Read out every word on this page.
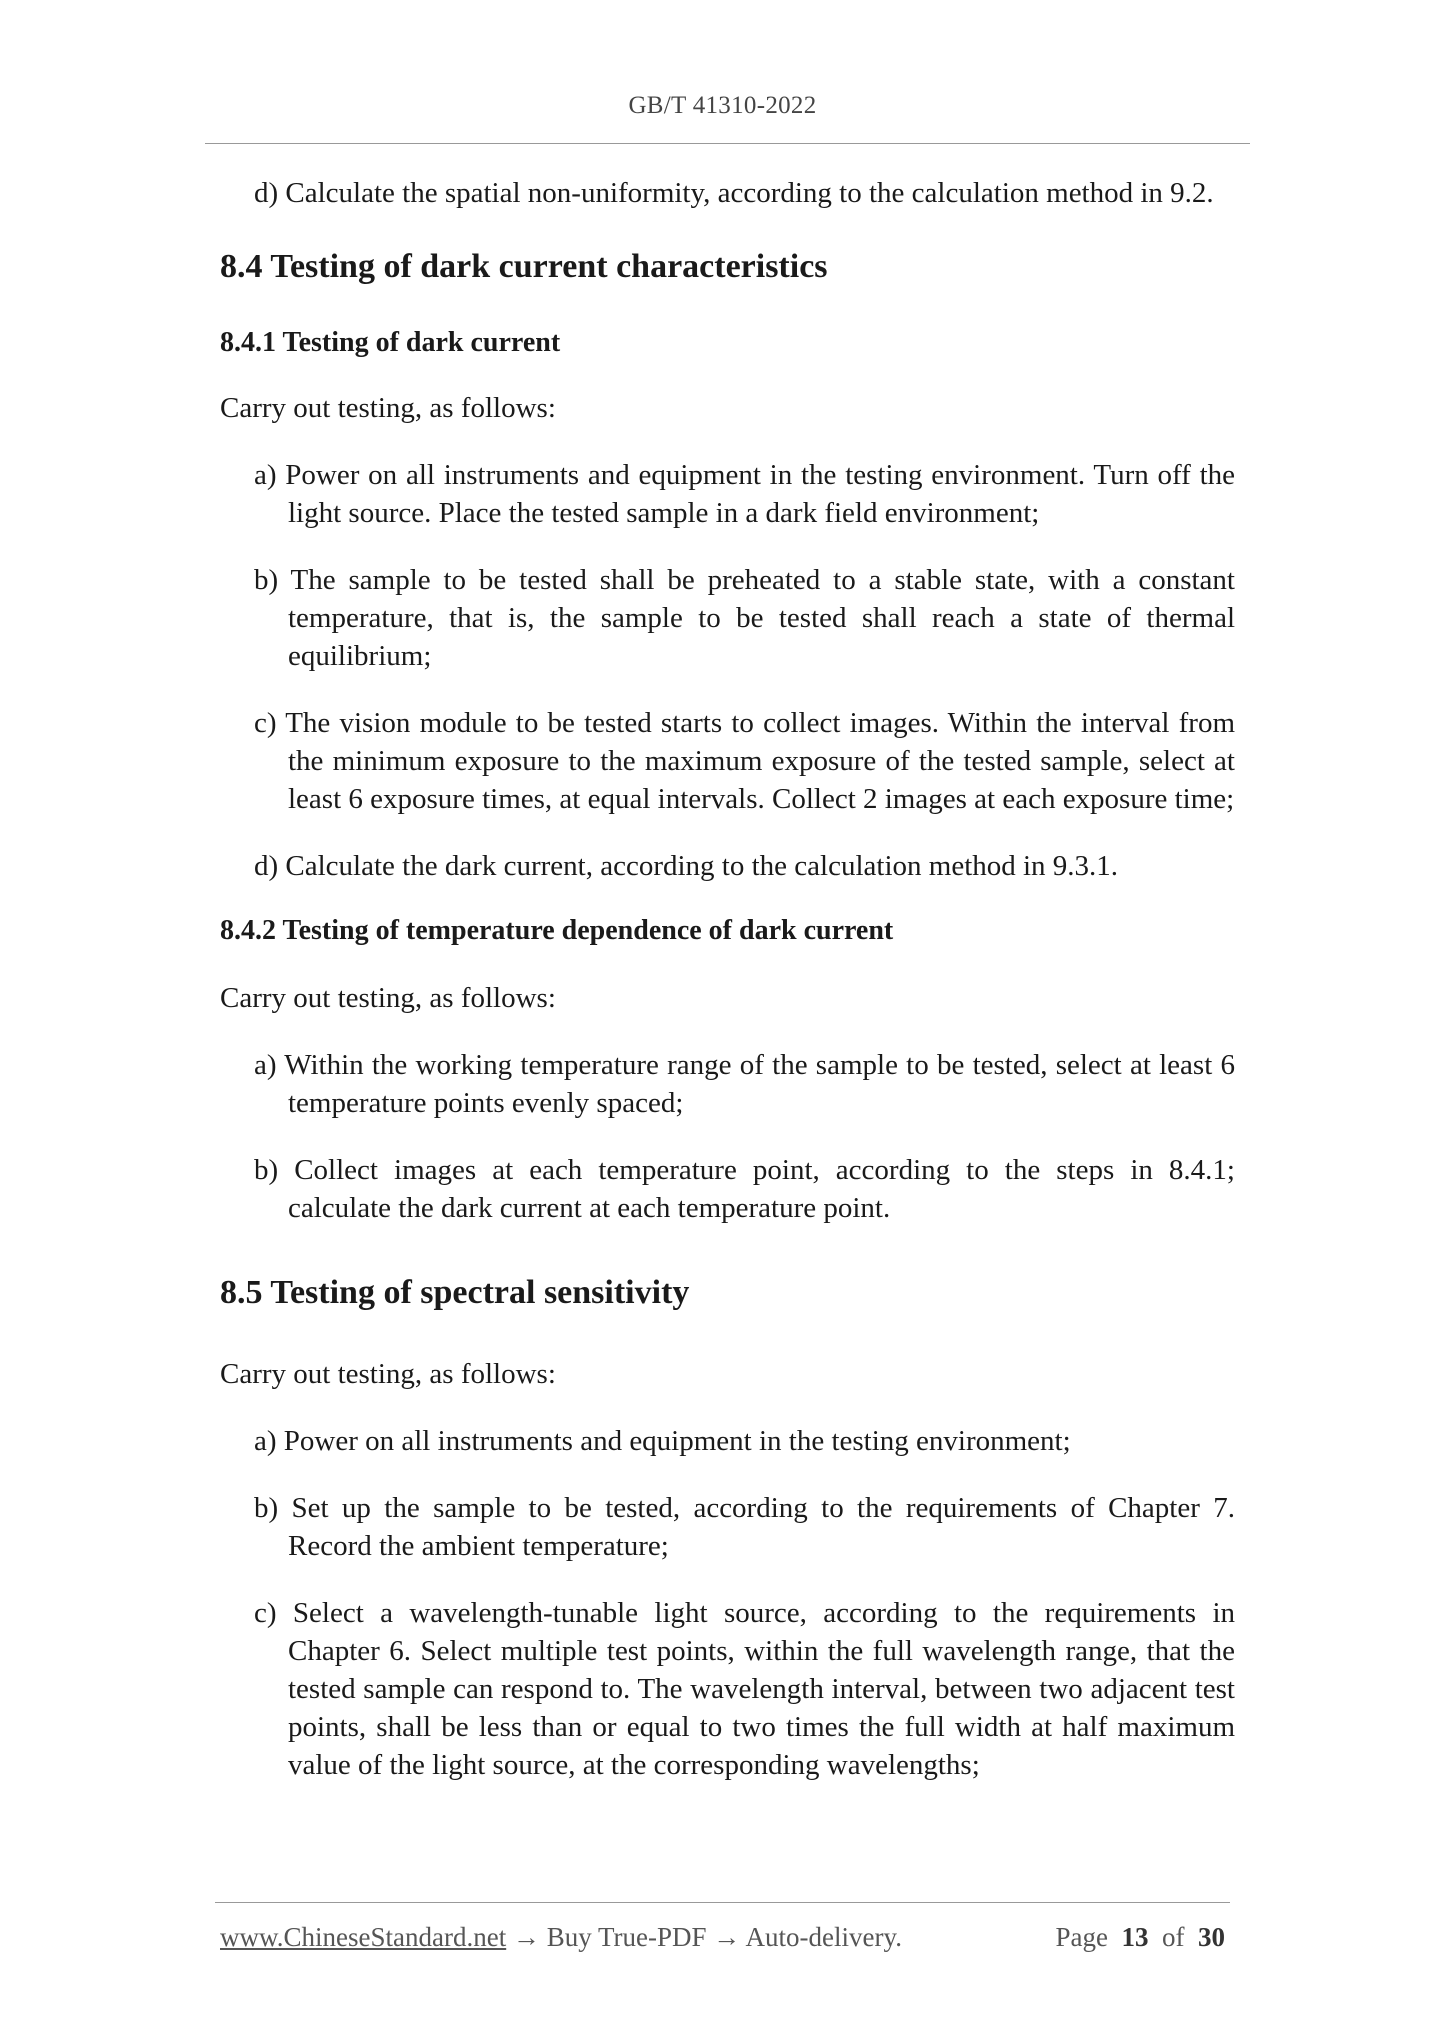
GB/T 41310-2022

d) Calculate the spatial non-uniformity, according to the calculation method in 9.2.

8.4 Testing of dark current characteristics
8.4.1 Testing of dark current

Carry out testing, as follows:

a) Power on all instruments and equipment in the testing environment. Turn off the light source. Place the tested sample in a dark field environment;

b) The sample to be tested shall be preheated to a stable state, with a constant temperature, that is, the sample to be tested shall reach a state of thermal equilibrium;

c) The vision module to be tested starts to collect images. Within the interval from the minimum exposure to the maximum exposure of the tested sample, select at least 6 exposure times, at equal intervals. Collect 2 images at each exposure time;

d) Calculate the dark current, according to the calculation method in 9.3.1.

8.4.2 Testing of temperature dependence of dark current

Carry out testing, as follows:

a) Within the working temperature range of the sample to be tested, select at least 6 temperature points evenly spaced;

b) Collect images at each temperature point, according to the steps in 8.4.1; calculate the dark current at each temperature point.

8.5 Testing of spectral sensitivity

Carry out testing, as follows:

a) Power on all instruments and equipment in the testing environment;

b) Set up the sample to be tested, according to the requirements of Chapter 7. Record the ambient temperature;

c) Select a wavelength-tunable light source, according to the requirements in Chapter 6. Select multiple test points, within the full wavelength range, that the tested sample can respond to. The wavelength interval, between two adjacent test points, shall be less than or equal to two times the full width at half maximum value of the light source, at the corresponding wavelengths;

www.ChineseStandard.net → Buy True-PDF → Auto-delivery.	Page 13 of 30
